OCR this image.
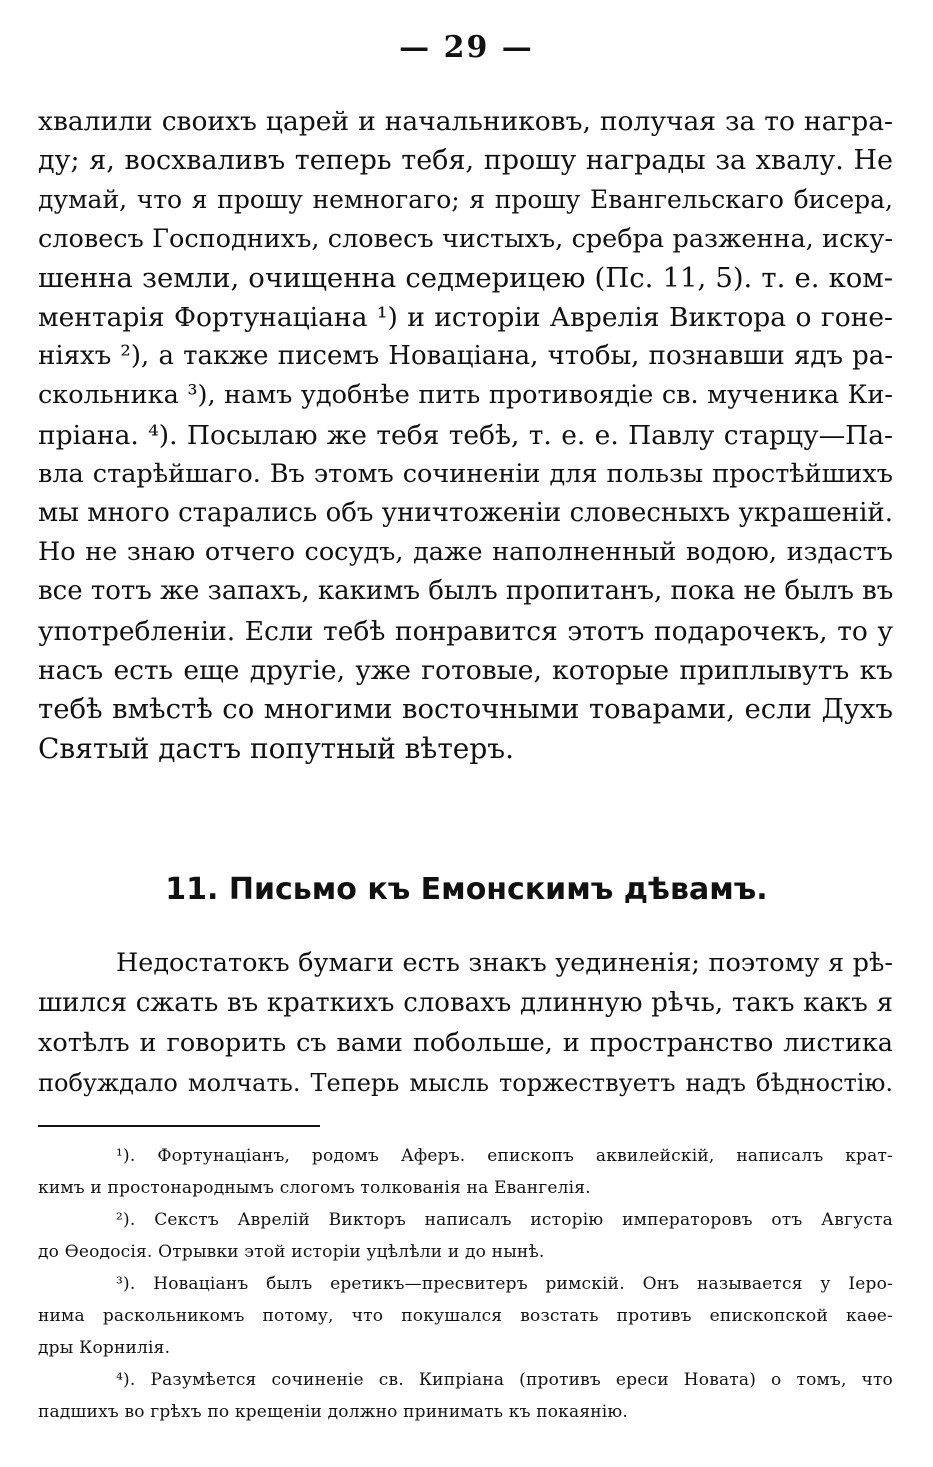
— 29 —
хвалили своихъ царей и начальниковъ, получая за то награ-
ду; я, восхваливъ теперь тебя, прошу награды за хвалу. Не
думай, что я прошу немногаго; я прошу Евангельскаго бисера,
словесъ Господнихъ, словесъ чистыхъ, сребра разженна, иску-
шенна земли, очищенна седмерицею (Пс. 11, 5). т. е. ком-
ментарія Фортунаціана ¹) и исторіи Аврелія Виктора о гоне-
ніяхъ ²), а также писемъ Новаціана, чтобы, познавши ядъ ра-
скольника ³), намъ удобнѣе пить противоядіе св. мученика Ки-
пріана. ⁴). Посылаю же тебя тебѣ, т. е. е. Павлу старцу—Па-
вла старѣйшаго. Въ этомъ сочиненіи для пользы простѣйшихъ
мы много старались объ уничтоженіи словесныхъ украшеній.
Но не знаю отчего сосудъ, даже наполненный водою, издастъ
все тотъ же запахъ, какимъ былъ пропитанъ, пока не былъ въ
употребленіи. Если тебѣ понравится этотъ подарочекъ, то у
насъ есть еще другіе, уже готовые, которые приплывутъ къ
тебѣ вмѣстѣ со многими восточными товарами, если Духъ
Святый дастъ попутный вѣтеръ.
11. Письмо къ Емонскимъ дѣвамъ.
Недостатокъ бумаги есть знакъ уединенія; поэтому я рѣ-
шился сжать въ краткихъ словахъ длинную рѣчь, такъ какъ я
хотѣлъ и говорить съ вами побольше, и пространство листика
побуждало молчать. Теперь мысль торжествуетъ надъ бѣдностію.
¹). Фортунаціанъ, родомъ Аферъ. епископъ аквилейскій, написалъ крат-
кимъ и простонароднымъ слогомъ толкованія на Евангелія.
²). Секстъ Аврелій Викторъ написалъ исторію императоровъ отъ Августа
до Ѳеодосія. Отрывки этой исторіи уцѣлѣли и до нынѣ.
³). Новаціанъ былъ еретикъ—пресвитеръ римскій. Онъ называется у Іеро-
нима раскольникомъ потому, что покушался возстать противъ епископской каѳе-
дры Корнилія.
⁴). Разумѣется сочиненіе св. Кипріана (противъ ереси Новата) о томъ, что
падшихъ во грѣхъ по крещеніи должно принимать къ покаянію.
